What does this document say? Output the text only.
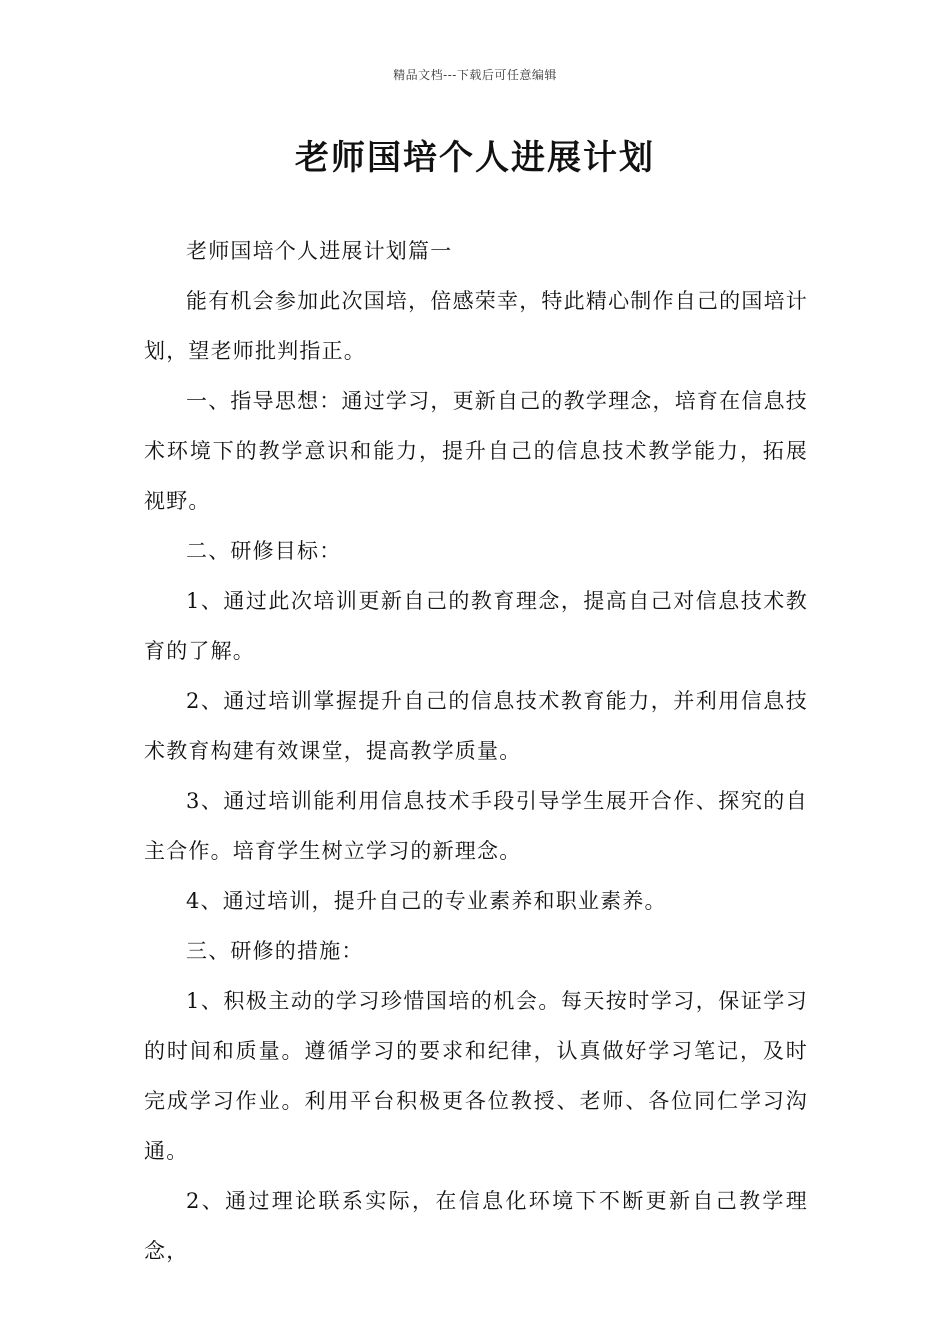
精品文档---下载后可任意编辑
老师国培个人进展计划

老师国培个人进展计划篇一

能有机会参加此次国培，倍感荣幸，特此精心制作自己的国培计划，望老师批判指正。

一、指导思想：通过学习，更新自己的教学理念，培育在信息技术环境下的教学意识和能力，提升自己的信息技术教学能力，拓展视野。

二、研修目标：

1、通过此次培训更新自己的教育理念，提高自己对信息技术教育的了解。

2、通过培训掌握提升自己的信息技术教育能力，并利用信息技术教育构建有效课堂，提高教学质量。

3、通过培训能利用信息技术手段引导学生展开合作、探究的自主合作。培育学生树立学习的新理念。

4、通过培训，提升自己的专业素养和职业素养。

三、研修的措施：

1、积极主动的学习珍惜国培的机会。每天按时学习，保证学习的时间和质量。遵循学习的要求和纪律，认真做好学习笔记，及时完成学习作业。利用平台积极更各位教授、老师、各位同仁学习沟通。

2、通过理论联系实际，在信息化环境下不断更新自己教学理念，
